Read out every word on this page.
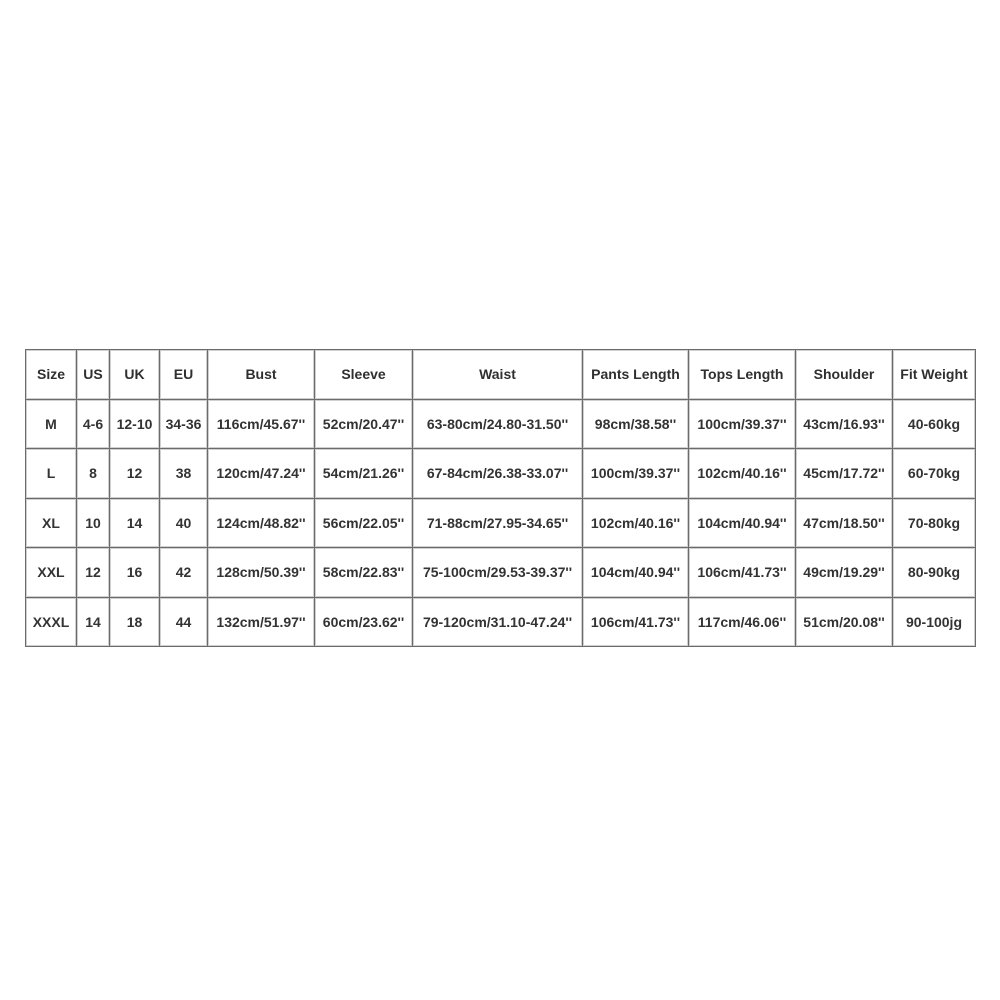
Size	US	UK	EU	Bust	Sleeve	Waist	Pants Length	Tops Length	Shoulder	Fit Weight
M	4-6	12-10	34-36	116cm/45.67''	52cm/20.47''	63-80cm/24.80-31.50''	98cm/38.58''	100cm/39.37''	43cm/16.93''	40-60kg
L	8	12	38	120cm/47.24''	54cm/21.26''	67-84cm/26.38-33.07''	100cm/39.37''	102cm/40.16''	45cm/17.72''	60-70kg
XL	10	14	40	124cm/48.82''	56cm/22.05''	71-88cm/27.95-34.65''	102cm/40.16''	104cm/40.94''	47cm/18.50''	70-80kg
XXL	12	16	42	128cm/50.39''	58cm/22.83''	75-100cm/29.53-39.37''	104cm/40.94''	106cm/41.73''	49cm/19.29''	80-90kg
XXXL	14	18	44	132cm/51.97''	60cm/23.62''	79-120cm/31.10-47.24''	106cm/41.73''	117cm/46.06''	51cm/20.08''	90-100jg
